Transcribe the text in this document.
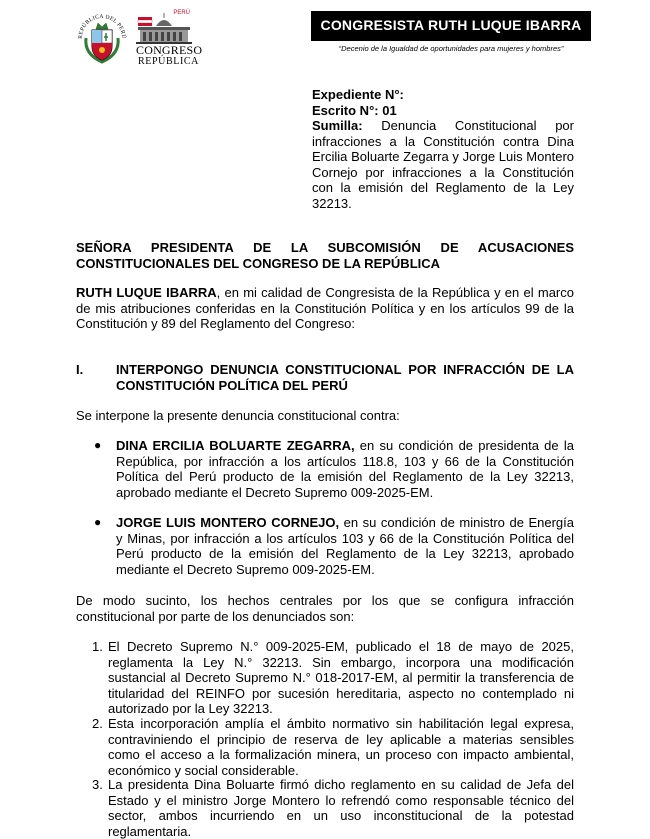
REPÚBLICA DEL PERÚ
PERÚ
CONGRESO
REPÚBLICA
CONGRESISTA RUTH LUQUE IBARRA
“Decenio de la Igualdad de oportunidades para mujeres y hombres”
Expediente N°:
Escrito N°: 01
Sumilla: Denuncia Constitucional por infracciones a la Constitución contra Dina Ercilia Boluarte Zegarra y Jorge Luis Montero Cornejo por infracciones a la Constitución con la emisión del Reglamento de la Ley 32213.
SEÑORA PRESIDENTA DE LA SUBCOMISIÓN DE ACUSACIONES CONSTITUCIONALES DEL CONGRESO DE LA REPÚBLICA
RUTH LUQUE IBARRA, en mi calidad de Congresista de la República y en el marco de mis atribuciones conferidas en la Constitución Política y en los artículos 99 de la Constitución y 89 del Reglamento del Congreso:
I.	INTERPONGO DENUNCIA CONSTITUCIONAL POR INFRACCIÓN DE LA CONSTITUCIÓN POLÍTICA DEL PERÚ
Se interpone la presente denuncia constitucional contra:
● DINA ERCILIA BOLUARTE ZEGARRA, en su condición de presidenta de la República, por infracción a los artículos 118.8, 103 y 66 de la Constitución Política del Perú producto de la emisión del Reglamento de la Ley 32213, aprobado mediante el Decreto Supremo 009-2025-EM.
● JORGE LUIS MONTERO CORNEJO, en su condición de ministro de Energía y Minas, por infracción a los artículos 103 y 66 de la Constitución Política del Perú producto de la emisión del Reglamento de la Ley 32213, aprobado mediante el Decreto Supremo 009-2025-EM.
De modo sucinto, los hechos centrales por los que se configura infracción constitucional por parte de los denunciados son:
1. El Decreto Supremo N.° 009-2025-EM, publicado el 18 de mayo de 2025, reglamenta la Ley N.° 32213. Sin embargo, incorpora una modificación sustancial al Decreto Supremo N.° 018-2017-EM, al permitir la transferencia de titularidad del REINFO por sucesión hereditaria, aspecto no contemplado ni autorizado por la Ley 32213.
2. Esta incorporación amplía el ámbito normativo sin habilitación legal expresa, contraviniendo el principio de reserva de ley aplicable a materias sensibles como el acceso a la formalización minera, un proceso con impacto ambiental, económico y social considerable.
3. La presidenta Dina Boluarte firmó dicho reglamento en su calidad de Jefa del Estado y el ministro Jorge Montero lo refrendó como responsable técnico del sector, ambos incurriendo en un uso inconstitucional de la potestad reglamentaria.
